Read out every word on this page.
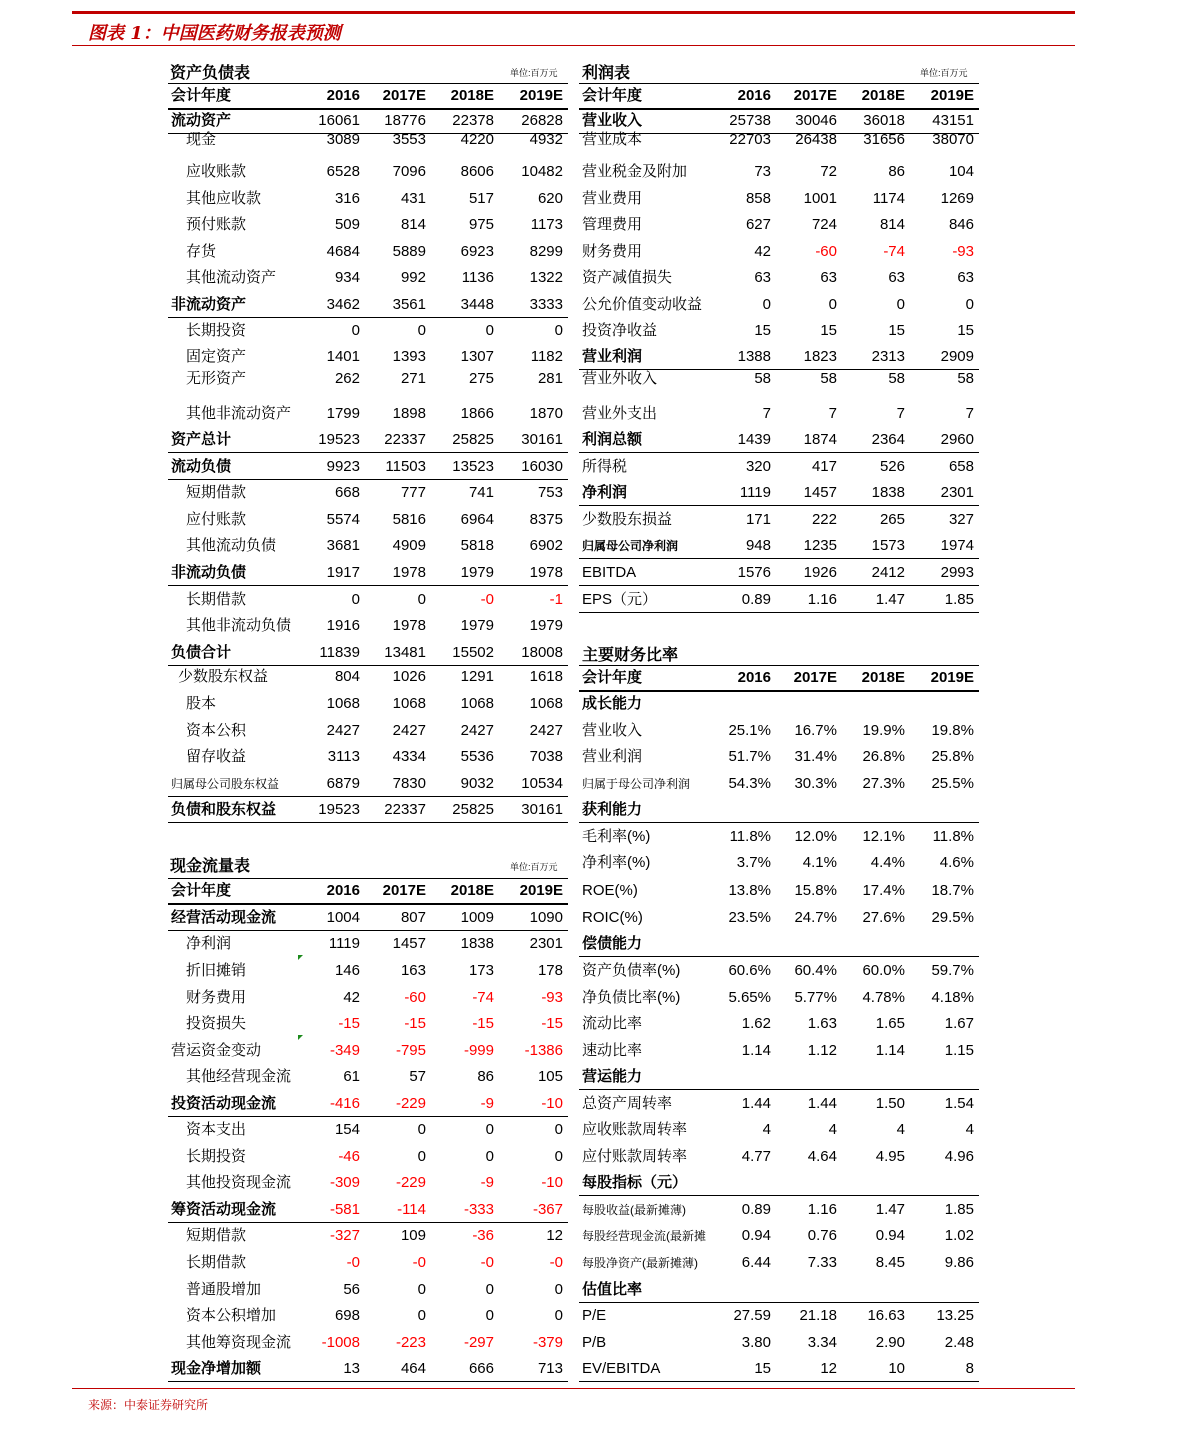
图表 1：中国医药财务报表预测
资产负债表	单位:百万元 利润表	单位:百万元
主要财务比率
现金流量表	单位:百万元
会计年度	2016 2017E 2018E 2019E
流动资产	16061 18776 22378 26828
现金	3089 3553 4220 4932
应收账款	6528 7096 8606 10482
其他应收款	316	431	517	620
预付账款	509	814	975 1173
存货	4684 5889 6923 8299
其他流动资产	934	992 1136 1322
非流动资产	3462 3561 3448 3333
长期投资	0	0	0	0
固定资产	1401 1393 1307 1182
无形资产	262	271	275	281
其他非流动资产 1799 1898 1866 1870
资产总计	19523 22337 25825 30161
流动负债	9923 11503 13523 16030
短期借款	668	777	741	753
应付账款	5574 5816 6964 8375
其他流动负债	3681 4909 5818 6902
非流动负债	1917 1978 1979 1978
长期借款	0	0	-0	-1
其他非流动负债 1916 1978 1979 1979
负债合计	11839 13481 15502 18008
少数股东权益	804 1026 1291 1618
股本	1068 1068 1068 1068
资本公积	2427 2427 2427 2427
留存收益	3113 4334 5536 7038
归属母公司股东权益	6879 7830 9032 10534
负债和股东权益	19523 22337 25825 30161
会计年度	2016 2017E 2018E 2019E
营业收入	25738 30046 36018 43151
营业成本	22703 26438 31656 38070
营业税金及附加	73	72	86	104
营业费用	858 1001 1174 1269
管理费用	627	724	814	846
财务费用	42	-60	-74	-93
资产减值损失	63	63	63	63
公允价值变动收益	0	0	0	0
投资净收益	15	15	15	15
营业利润	1388 1823 2313 2909
营业外收入	58	58	58	58
营业外支出	7	7	7	7
利润总额	1439 1874 2364 2960
所得税	320	417	526	658
净利润	1119 1457 1838 2301
少数股东损益	171	222	265	327
归属母公司净利润	948 1235 1573 1974
EBITDA	1576 1926 2412 2993
EPS（元）	0.89 1.16	1.47	1.85
会计年度	2016 2017E 2018E 2019E
成长能力
营业收入	25.1% 16.7% 19.9% 19.8%
营业利润	51.7% 31.4% 26.8% 25.8%
归属于母公司净利润	54.3% 30.3% 27.3% 25.5%
获利能力
毛利率(%)	11.8% 12.0% 12.1% 11.8%
净利率(%)	3.7% 4.1% 4.4% 4.6%
ROE(%)	13.8% 15.8% 17.4% 18.7%
ROIC(%)	23.5% 24.7% 27.6% 29.5%
偿债能力
资产负债率(%)	60.6% 60.4% 60.0% 59.7%
净负债比率(%)	5.65% 5.77% 4.78% 4.18%
流动比率	1.62 1.63	1.65	1.67
速动比率	1.14 1.12	1.14	1.15
营运能力
总资产周转率	1.44 1.44	1.50	1.54
应收账款周转率	4	4	4	4
应付账款周转率	4.77 4.64	4.95	4.96
每股指标（元）
每股收益(最新摊薄)	0.89 1.16	1.47	1.85
每股经营现金流(最新摊 0.94 0.76	0.94	1.02
每股净资产(最新摊薄)	6.44 7.33	8.45	9.86
估值比率
P/E	27.59 21.18 16.63 13.25
P/B	3.80 3.34	2.90	2.48
EV/EBITDA	15	12	10	8
会计年度	2016 2017E 2018E 2019E
经营活动现金流	1004	807 1009 1090
净利润	1119 1457 1838 2301
折旧摊销	146	163	173	178
财务费用	42	-60	-74	-93
投资损失	-15	-15	-15	-15
营运资金变动	-349 -795	-999 -1386
其他经营现金流	61	57	86	105
投资活动现金流	-416 -229	-9	-10
资本支出	154	0	0	0
长期投资	-46	0	0	0
其他投资现金流	-309 -229	-9	-10
筹资活动现金流	-581 -114	-333	-367
短期借款	-327	109	-36	12
长期借款	-0	-0	-0	-0
普通股增加	56	0	0	0
资本公积增加	698	0	0	0
其他筹资现金流 -1008 -223	-297	-379
现金净增加额	13	464	666	713
来源：中泰证券研究所
